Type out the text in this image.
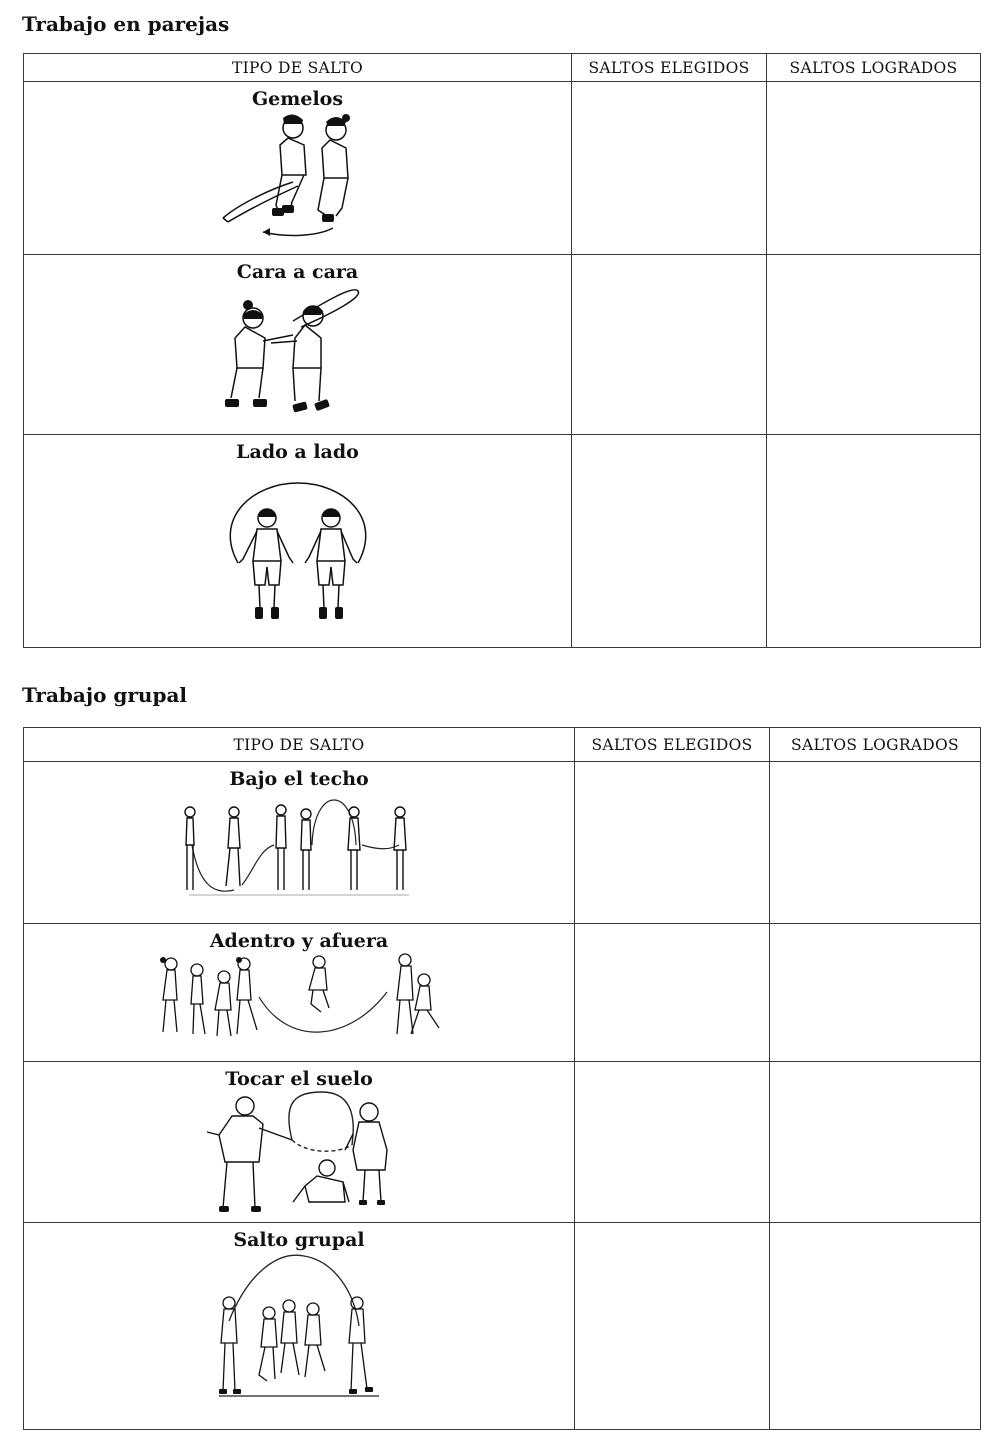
Trabajo en parejas
TIPO DE SALTO	SALTOS ELEGIDOS	SALTOS LOGRADOS

Gemelos		

Cara a cara		

Lado a lado		

Trabajo grupal
TIPO DE SALTO	SALTOS ELEGIDOS	SALTOS LOGRADOS

Bajo el techo		

Adentro y afuera		

Tocar el suelo		

Salto grupal		
